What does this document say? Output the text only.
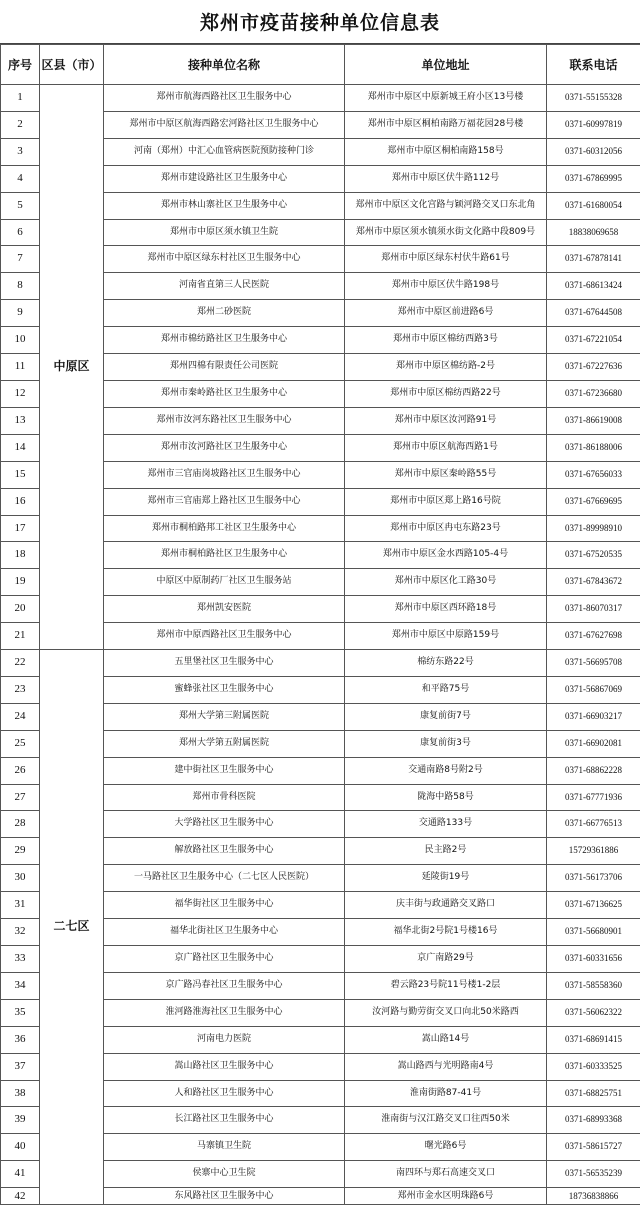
郑州市疫苗接种单位信息表
序号	区县（市）	接种单位名称	单位地址	联系电话
1	中原区	郑州市航海西路社区卫生服务中心	郑州市中原区中原新城王府小区13号楼	0371-55155328
2		郑州市中原区航海西路宏河路社区卫生服务中心	郑州市中原区桐柏南路万福花园28号楼	0371-60997819
3		河南（郑州）中汇心血管病医院预防接种门诊	郑州市中原区桐柏南路158号	0371-60312056
4		郑州市建设路社区卫生服务中心	郑州市中原区伏牛路112号	0371-67869995
5		郑州市林山寨社区卫生服务中心	郑州市中原区文化宫路与颖河路交叉口东北角	0371-61680054
6		郑州市中原区须水镇卫生院	郑州市中原区须水镇须水街文化路中段809号	18838069658
7		郑州市中原区绿东村社区卫生服务中心	郑州市中原区绿东村伏牛路61号	0371-67878141
8		河南省直第三人民医院	郑州市中原区伏牛路198号	0371-68613424
9		郑州二砂医院	郑州市中原区前进路6号	0371-67644508
10		郑州市棉纺路社区卫生服务中心	郑州市中原区棉纺西路3号	0371-67221054
11		郑州四棉有限责任公司医院	郑州市中原区棉纺路-2号	0371-67227636
12		郑州市秦岭路社区卫生服务中心	郑州市中原区棉纺西路22号	0371-67236680
13		郑州市汝河东路社区卫生服务中心	郑州市中原区汝河路91号	0371-86619008
14		郑州市汝河路社区卫生服务中心	郑州市中原区航海西路1号	0371-86188006
15		郑州市三官庙岗坡路社区卫生服务中心	郑州市中原区秦岭路55号	0371-67656033
16		郑州市三官庙郑上路社区卫生服务中心	郑州市中原区郑上路16号院	0371-67669695
17		郑州市桐柏路邦工社区卫生服务中心	郑州市中原区冉屯东路23号	0371-89998910
18		郑州市桐柏路社区卫生服务中心	郑州市中原区金水西路105-4号	0371-67520535
19		中原区中原制药厂社区卫生服务站	郑州市中原区化工路30号	0371-67843672
20		郑州凯安医院	郑州市中原区西环路18号	0371-86070317
21		郑州市中原西路社区卫生服务中心	郑州市中原区中原路159号	0371-67627698
22	二七区	五里堡社区卫生服务中心	棉纺东路22号	0371-56695708
23		蜜蜂张社区卫生服务中心	和平路75号	0371-56867069
24		郑州大学第三附属医院	康复前街7号	0371-66903217
25		郑州大学第五附属医院	康复前街3号	0371-66902081
26		建中街社区卫生服务中心	交通南路8号附2号	0371-68862228
27		郑州市骨科医院	陇海中路58号	0371-67771936
28		大学路社区卫生服务中心	交通路133号	0371-66776513
29		解放路社区卫生服务中心	民主路2号	15729361886
30		一马路社区卫生服务中心（二七区人民医院）	延陵街19号	0371-56173706
31		福华街社区卫生服务中心	庆丰街与政通路交叉路口	0371-67136625
32		福华北街社区卫生服务中心	福华北街2号院1号楼16号	0371-56680901
33		京广路社区卫生服务中心	京广南路29号	0371-60331656
34		京广路冯春社区卫生服务中心	碧云路23号院11号楼1-2层	0371-58558360
35		淮河路淮海社区卫生服务中心	汝河路与勤劳街交叉口向北50米路西	0371-56062322
36		河南电力医院	嵩山路14号	0371-68691415
37		嵩山路社区卫生服务中心	嵩山路西与光明路南4号	0371-60333525
38		人和路社区卫生服务中心	淮南街路87-41号	0371-68825751
39		长江路社区卫生服务中心	淮南街与汉江路交叉口往西50米	0371-68993368
40		马寨镇卫生院	曙光路6号	0371-58615727
41		侯寨中心卫生院	南四环与郑石高速交叉口	0371-56535239
42		东风路社区卫生服务中心	郑州市金水区明珠路6号	18736838866
